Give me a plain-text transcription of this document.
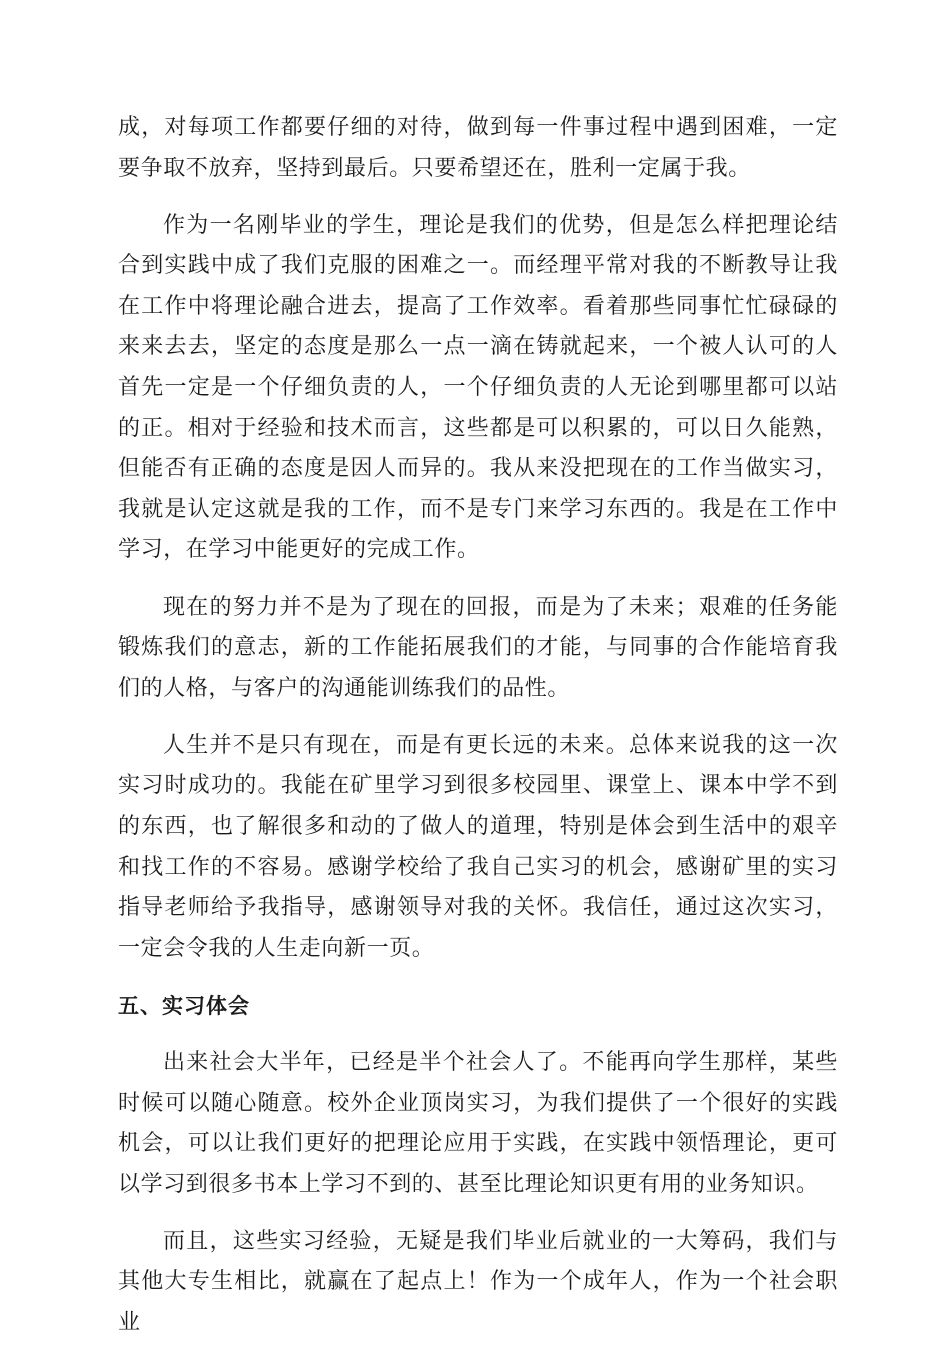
成，对每项工作都要仔细的对待，做到每一件事过程中遇到困难，一定要争取不放弃，坚持到最后。只要希望还在，胜利一定属于我。

作为一名刚毕业的学生，理论是我们的优势，但是怎么样把理论结合到实践中成了我们克服的困难之一。而经理平常对我的不断教导让我在工作中将理论融合进去，提高了工作效率。看着那些同事忙忙碌碌的来来去去，坚定的态度是那么一点一滴在铸就起来，一个被人认可的人首先一定是一个仔细负责的人，一个仔细负责的人无论到哪里都可以站的正。相对于经验和技术而言，这些都是可以积累的，可以日久能熟，但能否有正确的态度是因人而异的。我从来没把现在的工作当做实习，我就是认定这就是我的工作，而不是专门来学习东西的。我是在工作中学习，在学习中能更好的完成工作。

现在的努力并不是为了现在的回报，而是为了未来；艰难的任务能锻炼我们的意志，新的工作能拓展我们的才能，与同事的合作能培育我们的人格，与客户的沟通能训练我们的品性。

人生并不是只有现在，而是有更长远的未来。总体来说我的这一次实习时成功的。我能在矿里学习到很多校园里、课堂上、课本中学不到的东西，也了解很多和动的了做人的道理，特别是体会到生活中的艰辛和找工作的不容易。感谢学校给了我自己实习的机会，感谢矿里的实习指导老师给予我指导，感谢领导对我的关怀。我信任，通过这次实习，一定会令我的人生走向新一页。

五、实习体会

出来社会大半年，已经是半个社会人了。不能再向学生那样，某些时候可以随心随意。校外企业顶岗实习，为我们提供了一个很好的实践机会，可以让我们更好的把理论应用于实践，在实践中领悟理论，更可以学习到很多书本上学习不到的、甚至比理论知识更有用的业务知识。

而且，这些实习经验，无疑是我们毕业后就业的一大筹码，我们与其他大专生相比，就赢在了起点上！作为一个成年人，作为一个社会职业
